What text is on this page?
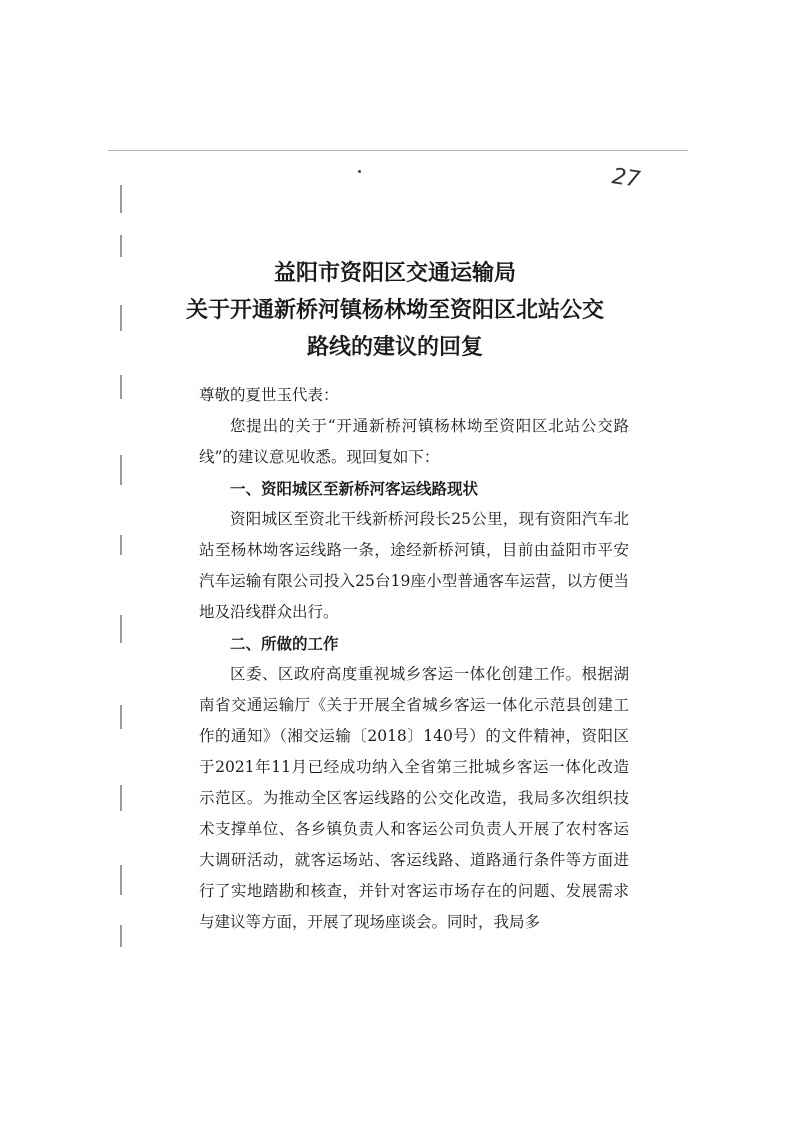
27
益阳市资阳区交通运输局
关于开通新桥河镇杨林坳至资阳区北站公交
路线的建议的回复

尊敬的夏世玉代表：

您提出的关于“开通新桥河镇杨林坳至资阳区北站公交路线”的建议意见收悉。现回复如下：

一、资阳城区至新桥河客运线路现状

资阳城区至资北干线新桥河段长25公里，现有资阳汽车北站至杨林坳客运线路一条，途经新桥河镇，目前由益阳市平安汽车运输有限公司投入25台19座小型普通客车运营，以方便当地及沿线群众出行。

二、所做的工作

区委、区政府高度重视城乡客运一体化创建工作。根据湖南省交通运输厅《关于开展全省城乡客运一体化示范县创建工作的通知》（湘交运输〔2018〕140号）的文件精神，资阳区于2021年11月已经成功纳入全省第三批城乡客运一体化改造示范区。为推动全区客运线路的公交化改造，我局多次组织技术支撑单位、各乡镇负责人和客运公司负责人开展了农村客运大调研活动，就客运场站、客运线路、道路通行条件等方面进行了实地踏勘和核查，并针对客运市场存在的问题、发展需求与建议等方面，开展了现场座谈会。同时，我局多
